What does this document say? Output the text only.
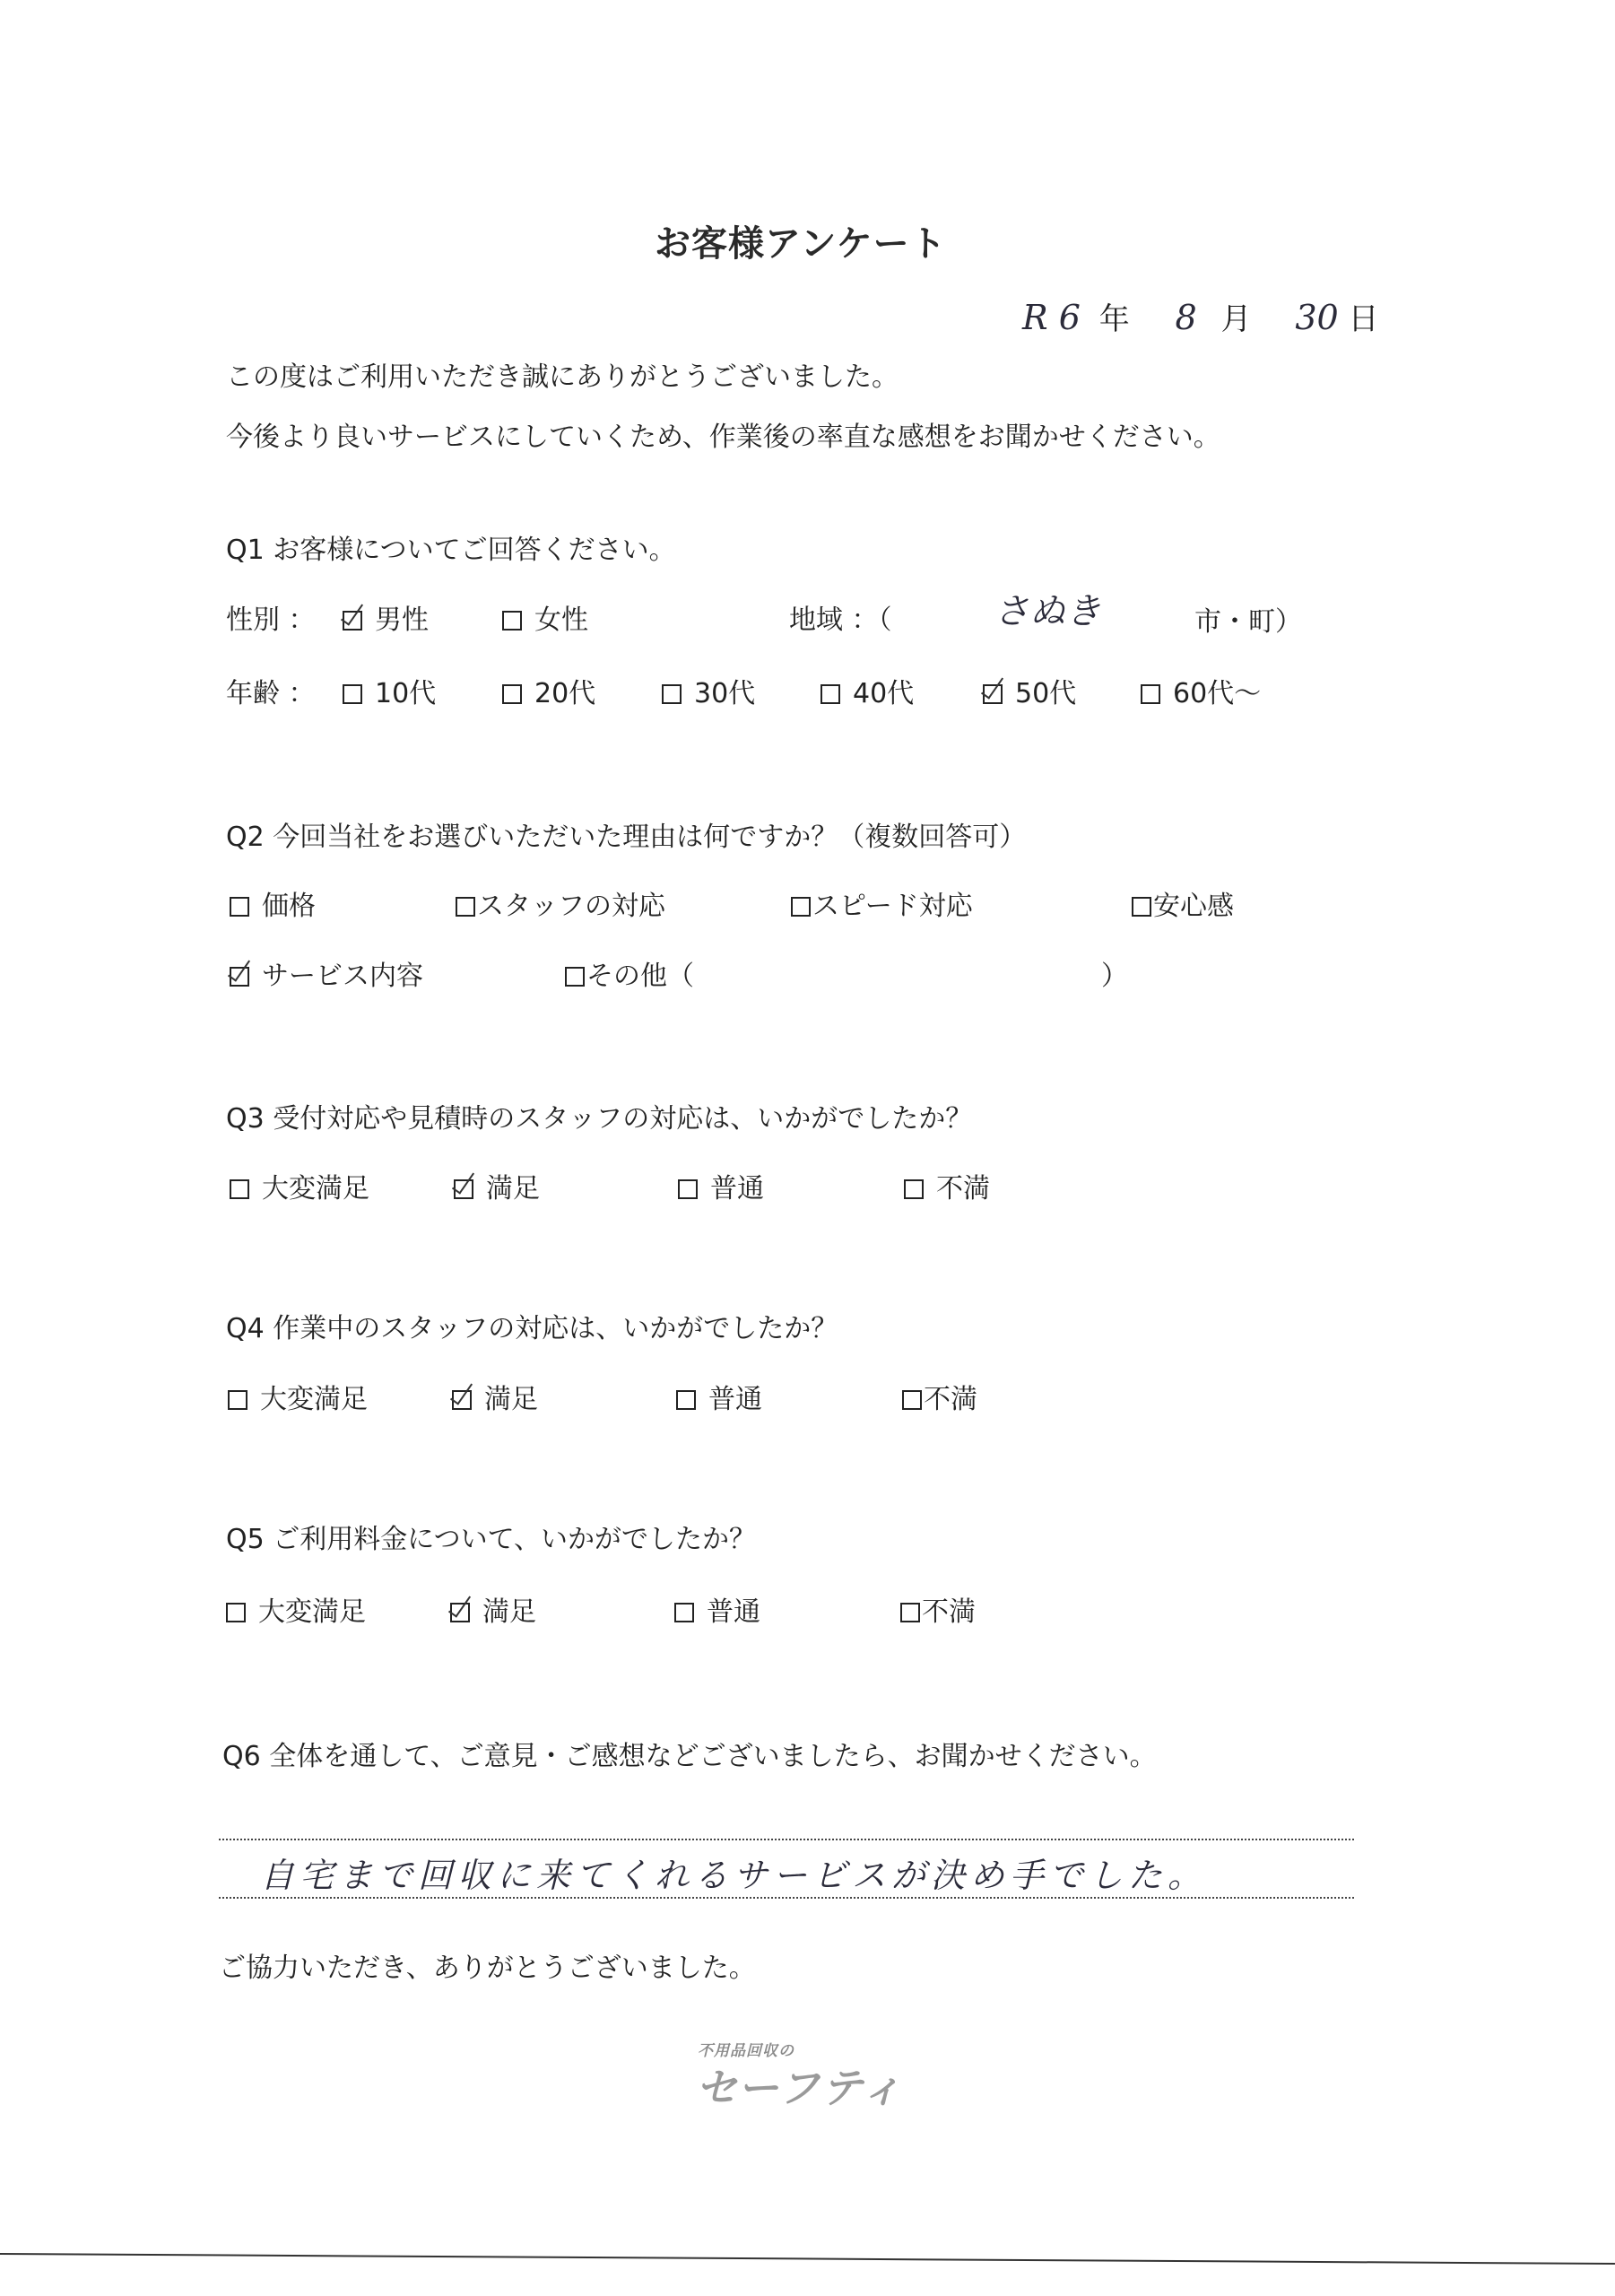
お客様アンケート
R 6 年 8 月 30 日
この度はご利用いただき誠にありがとうございました。
今後より良いサービスにしていくため、作業後の率直な感想をお聞かせください。
Q1 お客様についてご回答ください。
性別 ：	男性	女性	地域 ：（	さぬき	市・町）
年齢 ：	10代	20代	30代	40代	50代	60代～
Q2 今回当社をお選びいただいた理由は何ですか？（複数回答可）
価格	スタッフの対応	スピード対応	安心感
サービス内容	その他（	）
Q3 受付対応や見積時のスタッフの対応は、いかがでしたか？
大変満足	満足	普通	不満
Q4 作業中のスタッフの対応は、いかがでしたか？
大変満足	満足	普通	不満
Q5 ご利用料金について、いかがでしたか？
大変満足	満足	普通	不満
Q6 全体を通して、ご意見・ご感想などございましたら、お聞かせください。
自宅まで回収に来てくれるサービスが決め手でした。
ご協力いただき、ありがとうございました。
不用品回収の
セーフティ
